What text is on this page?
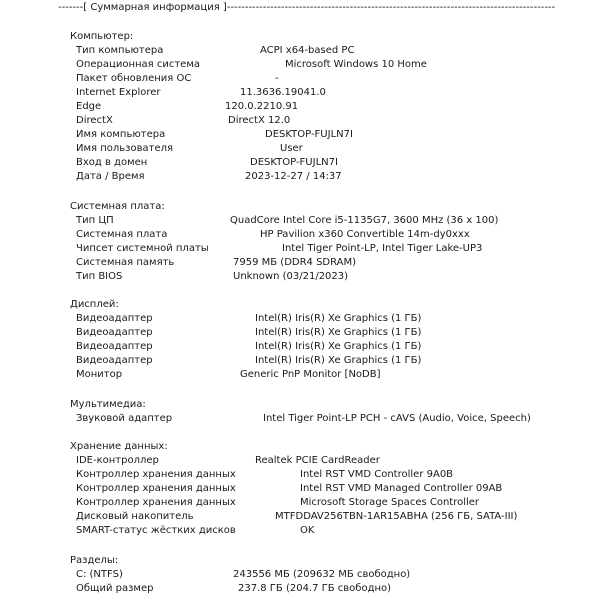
-------[ Суммарная информация ]-------------------------------------------------------------------------------------------
Компьютер:
Тип компьютера	ACPI x64-based PC
Операционная система	Microsoft Windows 10 Home
Пакет обновления ОС	-
Internet Explorer	11.3636.19041.0
Edge	120.0.2210.91
DirectX	DirectX 12.0
Имя компьютера	DESKTOP-FUJLN7I
Имя пользователя	User
Вход в домен	DESKTOP-FUJLN7I
Дата / Время	2023-12-27 / 14:37
Системная плата:
Тип ЦП	QuadCore Intel Core i5-1135G7, 3600 MHz (36 x 100)
Системная плата	HP Pavilion x360 Convertible 14m-dy0xxx
Чипсет системной платы	Intel Tiger Point-LP, Intel Tiger Lake-UP3
Системная память	7959 МБ (DDR4 SDRAM)
Тип BIOS	Unknown (03/21/2023)
Дисплей:
Видеоадаптер	Intel(R) Iris(R) Xe Graphics (1 ГБ)
Видеоадаптер	Intel(R) Iris(R) Xe Graphics (1 ГБ)
Видеоадаптер	Intel(R) Iris(R) Xe Graphics (1 ГБ)
Видеоадаптер	Intel(R) Iris(R) Xe Graphics (1 ГБ)
Монитор	Generic PnP Monitor [NoDB]
Мультимедиа:
Звуковой адаптер	Intel Tiger Point-LP PCH - cAVS (Audio, Voice, Speech)
Хранение данных:
IDE-контроллер	Realtek PCIE CardReader
Контроллер хранения данных	Intel RST VMD Controller 9A0B
Контроллер хранения данных	Intel RST VMD Managed Controller 09AB
Контроллер хранения данных	Microsoft Storage Spaces Controller
Дисковый накопитель	MTFDDAV256TBN-1AR15ABHA (256 ГБ, SATA-III)
SMART-статус жёстких дисков	OK
Разделы:
C: (NTFS)	243556 МБ (209632 МБ свободно)
Общий размер	237.8 ГБ (204.7 ГБ свободно)
